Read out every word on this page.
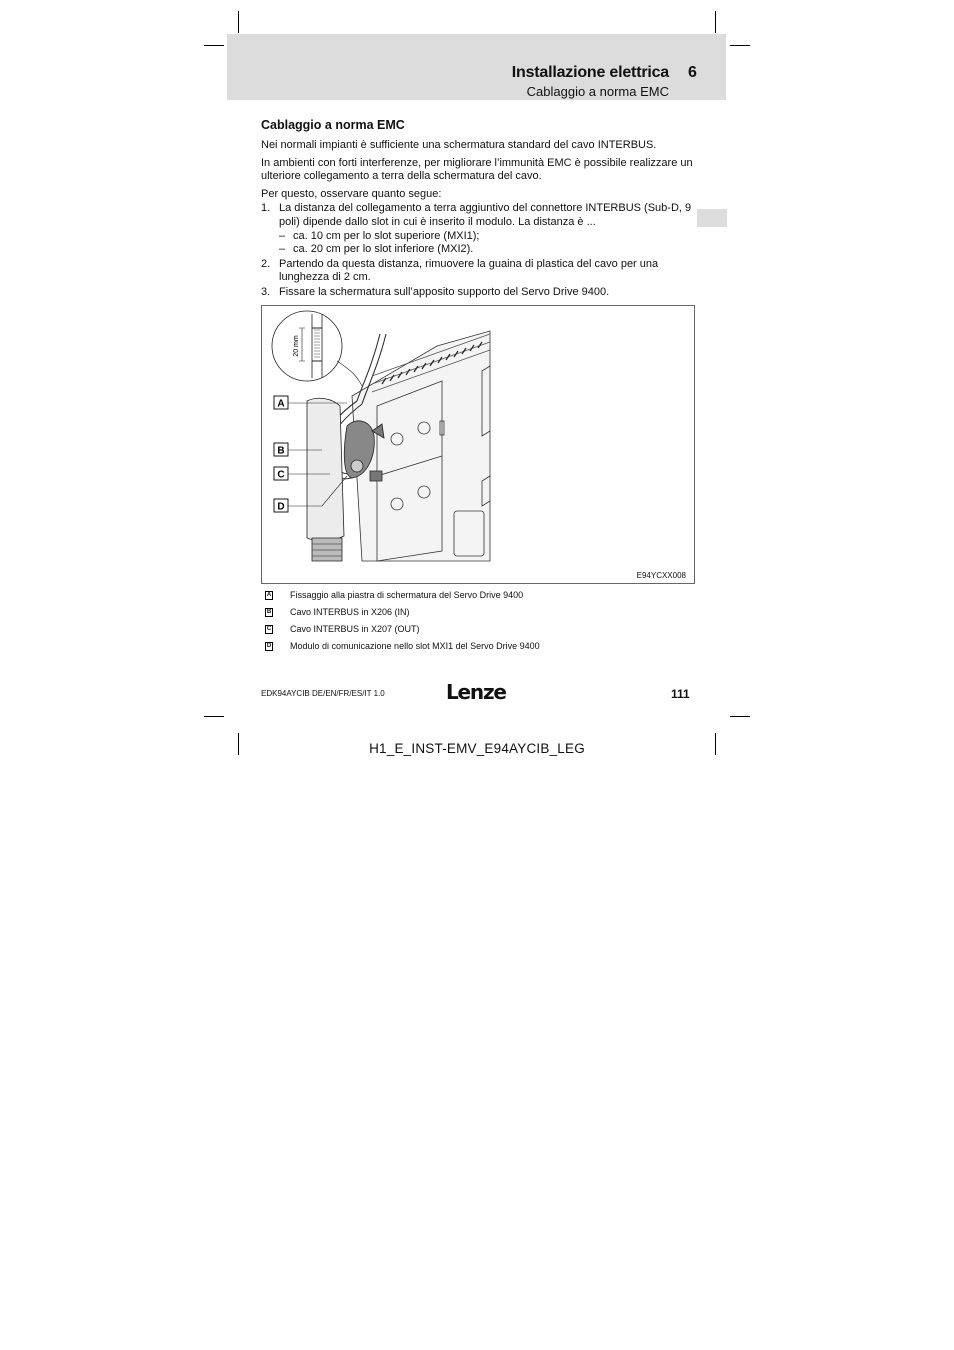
Installazione elettrica 6
Cablaggio a norma EMC
Cablaggio a norma EMC

Nei normali impianti è sufficiente una schermatura standard del cavo INTERBUS.

In ambienti con forti interferenze, per migliorare l’immunità EMC è possibile realizzare un ulteriore collegamento a terra della schermatura del cavo.

Per questo, osservare quanto segue:

1. La distanza del collegamento a terra aggiuntivo del connettore INTERBUS (Sub-D, 9 poli) dipende dallo slot in cui è inserito il modulo. La distanza è ...
– ca. 10 cm per lo slot superiore (MXI1);
– ca. 20 cm per lo slot inferiore (MXI2).
2. Partendo da questa distanza, rimuovere la guaina di plastica del cavo per una lunghezza di 2 cm.
3. Fissare la schermatura sull’apposito supporto del Servo Drive 9400.
20 mm
A
B
C
D
E94YCXX008
A Fissaggio alla piastra di schermatura del Servo Drive 9400
B Cavo INTERBUS in X206 (IN)
C Cavo INTERBUS in X207 (OUT)
D Modulo di comunicazione nello slot MXI1 del Servo Drive 9400
EDK94AYCIB DE/EN/FR/ES/IT 1.0	Lenze	111
H1_E_INST-EMV_E94AYCIB_LEG
